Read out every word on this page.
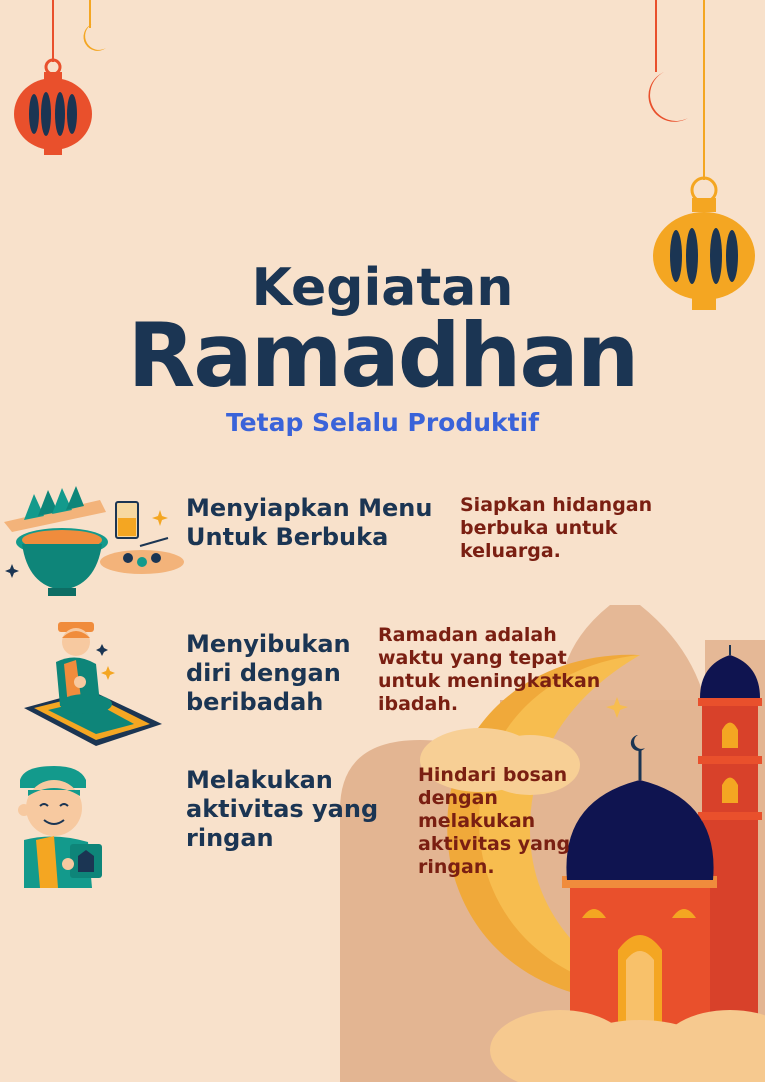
Kegiatan
Ramadhan
Tetap Selalu Produktif
Menyiapkan Menu
Untuk Berbuka
Siapkan hidangan
berbuka untuk
keluarga.
Menyibukan
diri dengan
beribadah
Ramadan adalah
waktu yang tepat
untuk meningkatkan
ibadah.
Melakukan
aktivitas yang
ringan
Hindari bosan
dengan
melakukan
aktivitas yang
ringan.
